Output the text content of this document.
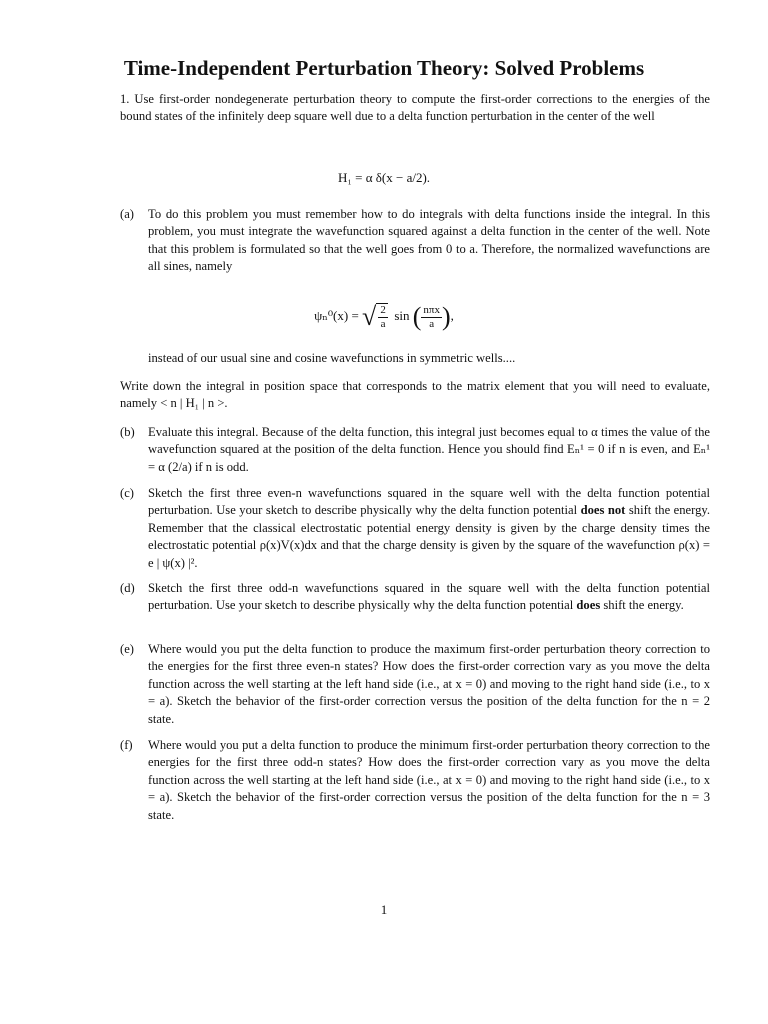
Time-Independent Perturbation Theory: Solved Problems
1. Use first-order nondegenerate perturbation theory to compute the first-order corrections to the energies of the bound states of the infinitely deep square well due to a delta function perturbation in the center of the well
H₁ = α δ(x − a/2).
(a)	To do this problem you must remember how to do integrals with delta functions inside the integral. In this problem, you must integrate the wavefunction squared against a delta function in the center of the well. Note that this problem is formulated so that the well goes from 0 to a. Therefore, the normalized wavefunctions are all sines, namely
ψₙ⁰(x) = √ $\frac{2}{a}$ sin ( $\frac{\text{nπx}}{a}$ ),
instead of our usual sine and cosine wavefunctions in symmetric wells....
Write down the integral in position space that corresponds to the matrix element that you will need to evaluate, namely < n | H₁ | n >.
(b)	Evaluate this integral. Because of the delta function, this integral just becomes equal to α times the value of the wavefunction squared at the position of the delta function. Hence you should find Eₙ¹ = 0 if n is even, and Eₙ¹ = α (2/a) if n is odd.
(c)	Sketch the first three even-n wavefunctions squared in the square well with the delta function potential perturbation. Use your sketch to describe physically why the delta function potential does not shift the energy. Remember that the classical electrostatic potential energy density is given by the charge density times the electrostatic potential ρ(x)V(x)dx and that the charge density is given by the square of the wavefunction ρ(x) = e | ψ(x) |².
(d)	Sketch the first three odd-n wavefunctions squared in the square well with the delta function potential perturbation. Use your sketch to describe physically why the delta function potential does shift the energy.
(e)	Where would you put the delta function to produce the maximum first-order perturbation theory correction to the energies for the first three even-n states? How does the first-order correction vary as you move the delta function across the well starting at the left hand side (i.e., at x = 0) and moving to the right hand side (i.e., to x = a). Sketch the behavior of the first-order correction versus the position of the delta function for the n = 2 state.
(f)	Where would you put a delta function to produce the minimum first-order perturbation theory correction to the energies for the first three odd-n states? How does the first-order correction vary as you move the delta function across the well starting at the left hand side (i.e., at x = 0) and moving to the right hand side (i.e., to x = a). Sketch the behavior of the first-order correction versus the position of the delta function for the n = 3 state.
1
